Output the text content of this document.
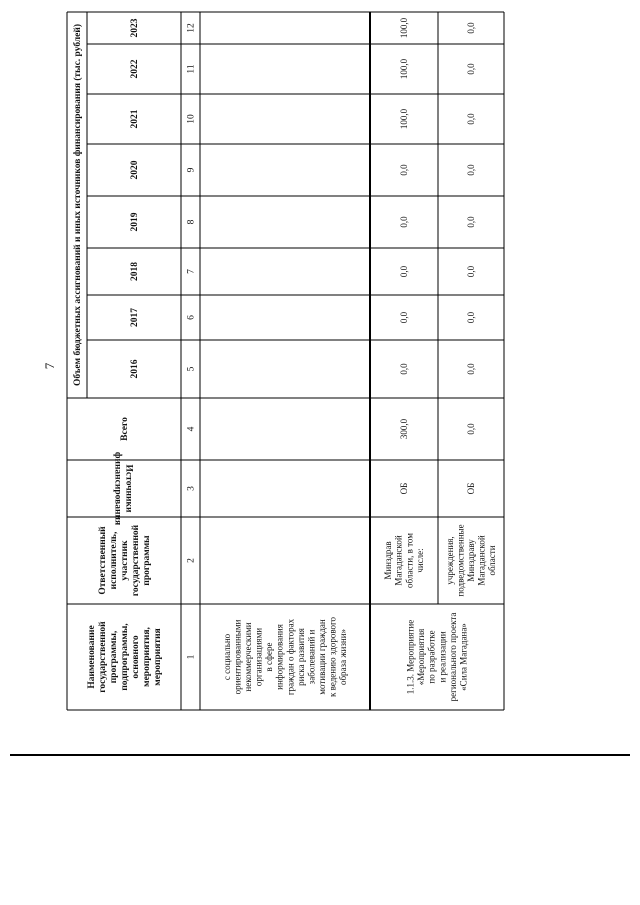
Наименованиегосударственнойпрограммы,подпрограммы,основногомероприятия,мероприятия
Ответственныйисполнитель,участникгосударственнойпрограммы
Источникифинансирования
Всего
Объем бюджетных ассигнований и иных источников финансирования (тыс. рублей)	2016
2017
2018
2019
2020
2021
2022
2023
1
2
3
4
5
6
7
8
9
10
11
12
с социальноориентированныминекоммерческимиорганизациямив сфереинформированияграждан о факторахриска развитиязаболеваний имотивации гражданк ведению здоровогообраза жизни»	1.1.3. Мероприятие«Мероприятияпо разработкеи реализациирегионального проекта«Сила Магадана»
МинздравМагаданскойобласти, в томчисле:
ОБ
300,0
0,0
0,0
0,0
0,0
0,0
100,0
100,0
100,0
учреждения,подведомственныеМинздравуМагаданскойобласти
ОБ
0,0
0,0
0,0
0,0
0,0
0,0
0,0
0,0
0,0
7
